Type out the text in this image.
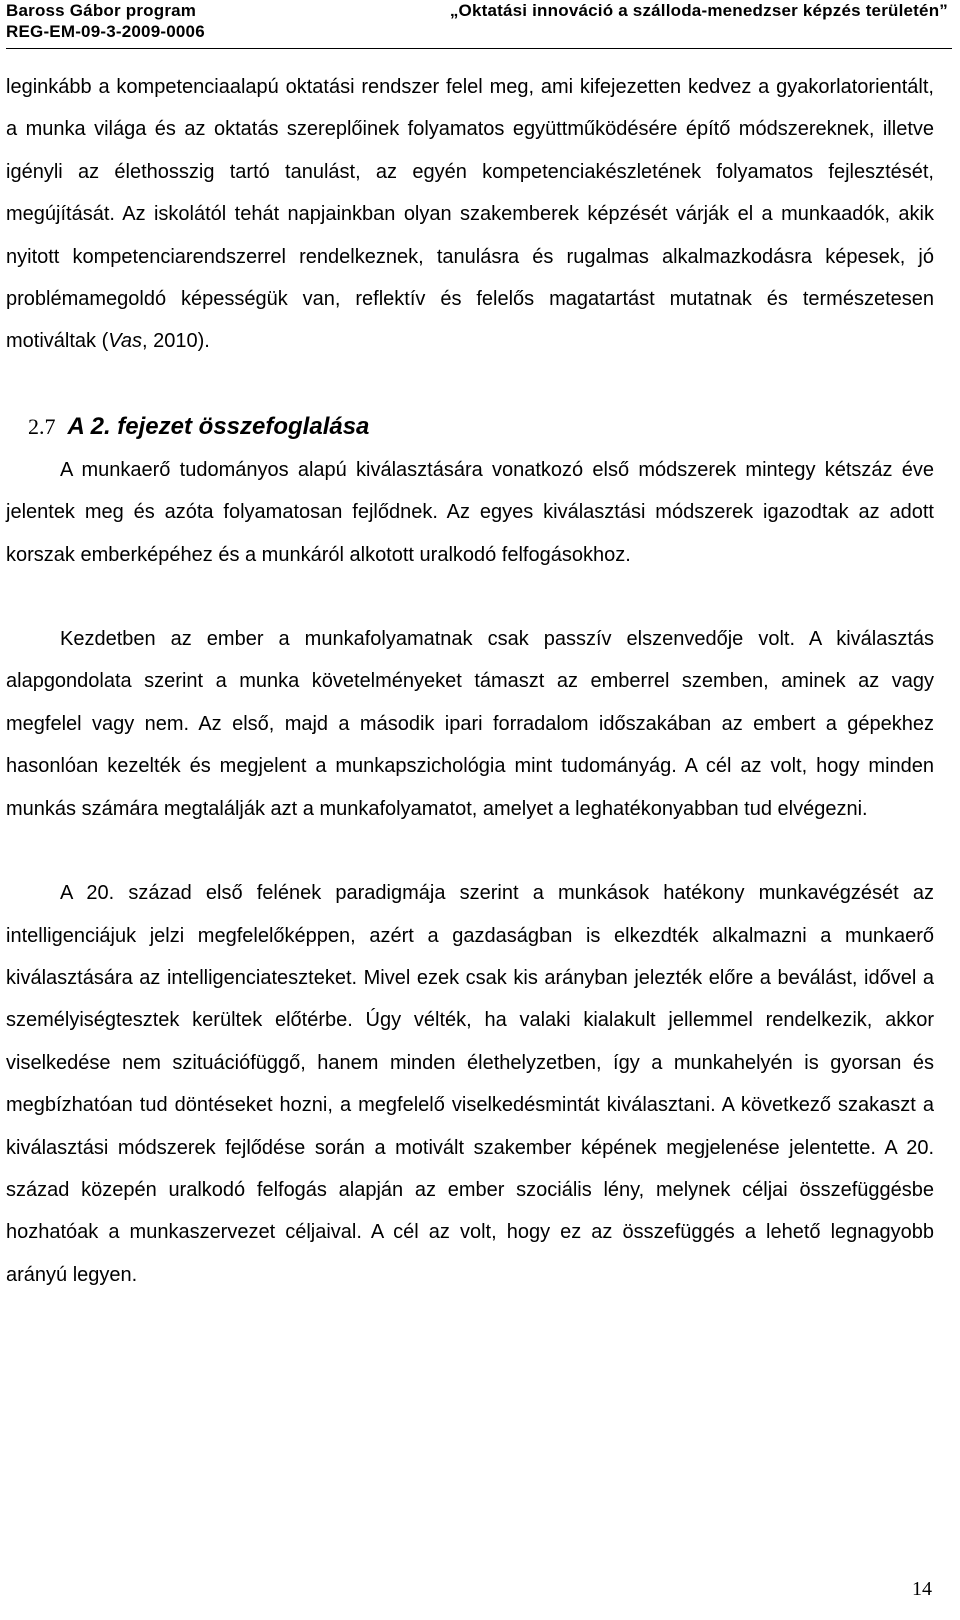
Baross Gábor program
REG-EM-09-3-2009-0006
„Oktatási innováció a szálloda-menedzser képzés területén”

leginkább a kompetenciaalapú oktatási rendszer felel meg, ami kifejezetten kedvez a gyakorlatorientált, a munka világa és az oktatás szereplőinek folyamatos együttműködésére építő módszereknek, illetve igényli az élethosszig tartó tanulást, az egyén kompetenciakészletének folyamatos fejlesztését, megújítását. Az iskolától tehát napjainkban olyan szakemberek képzését várják el a munkaadók, akik nyitott kompetenciarendszerrel rendelkeznek, tanulásra és rugalmas alkalmazkodásra képesek, jó problémamegoldó képességük van, reflektív és felelős magatartást mutatnak és természetesen motiváltak (Vas, 2010).

2.7 A 2. fejezet összefoglalása

A munkaerő tudományos alapú kiválasztására vonatkozó első módszerek mintegy kétszáz éve jelentek meg és azóta folyamatosan fejlődnek. Az egyes kiválasztási módszerek igazodtak az adott korszak emberképéhez és a munkáról alkotott uralkodó felfogásokhoz.

Kezdetben az ember a munkafolyamatnak csak passzív elszenvedője volt. A kiválasztás alapgondolata szerint a munka követelményeket támaszt az emberrel szemben, aminek az vagy megfelel vagy nem. Az első, majd a második ipari forradalom időszakában az embert a gépekhez hasonlóan kezelték és megjelent a munkapszichológia mint tudományág. A cél az volt, hogy minden munkás számára megtalálják azt a munkafolyamatot, amelyet a leghatékonyabban tud elvégezni.

A 20. század első felének paradigmája szerint a munkások hatékony munkavégzését az intelligenciájuk jelzi megfelelőképpen, azért a gazdaságban is elkezdték alkalmazni a munkaerő kiválasztására az intelligenciateszteket. Mivel ezek csak kis arányban jelezték előre a beválást, idővel a személyiségtesztek kerültek előtérbe. Úgy vélték, ha valaki kialakult jellemmel rendelkezik, akkor viselkedése nem szituációfüggő, hanem minden élethelyzetben, így a munkahelyén is gyorsan és megbízhatóan tud döntéseket hozni, a megfelelő viselkedésmintát kiválasztani. A következő szakaszt a kiválasztási módszerek fejlődése során a motivált szakember képének megjelenése jelentette. A 20. század közepén uralkodó felfogás alapján az ember szociális lény, melynek céljai összefüggésbe hozhatóak a munkaszervezet céljaival. A cél az volt, hogy ez az összefüggés a lehető legnagyobb arányú legyen.

14
